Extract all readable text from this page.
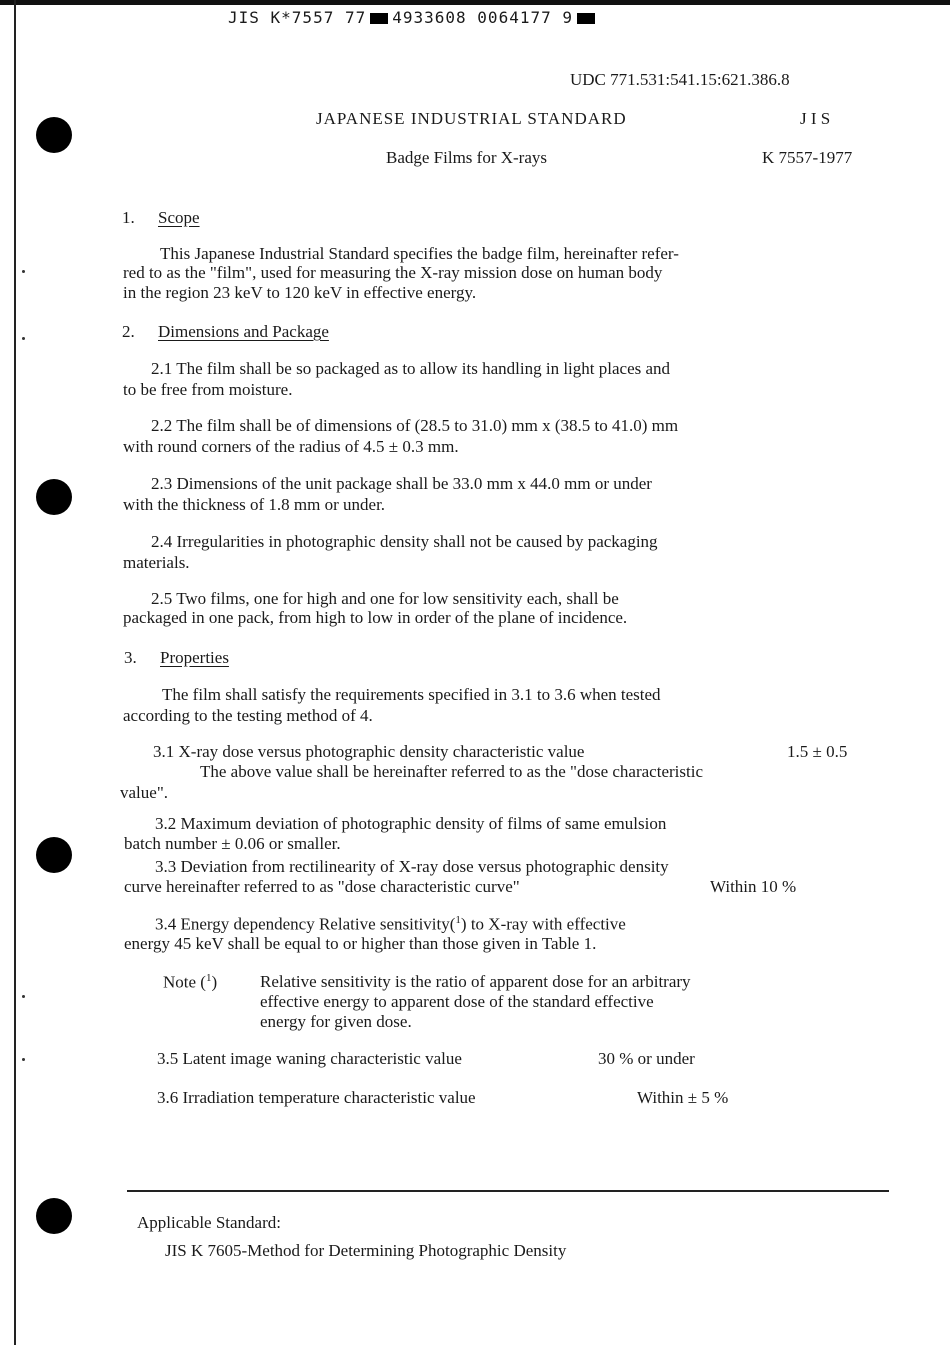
JIS K*7557 77 4933608 0064177 9
UDC 771.531:541.15:621.386.8
JAPANESE INDUSTRIAL STANDARD	J I S
Badge Films for X-rays	K 7557-1977
1. Scope
This Japanese Industrial Standard specifies the badge film, hereinafter refer-
red to as the "film", used for measuring the X-ray mission dose on human body
in the region 23 keV to 120 keV in effective energy.
2. Dimensions and Package
2.1 The film shall be so packaged as to allow its handling in light places and
to be free from moisture.
2.2 The film shall be of dimensions of (28.5 to 31.0) mm x (38.5 to 41.0) mm
with round corners of the radius of 4.5 ± 0.3 mm.
2.3 Dimensions of the unit package shall be 33.0 mm x 44.0 mm or under
with the thickness of 1.8 mm or under.
2.4 Irregularities in photographic density shall not be caused by packaging
materials.
2.5 Two films, one for high and one for low sensitivity each, shall be
packaged in one pack, from high to low in order of the plane of incidence.
3. Properties
The film shall satisfy the requirements specified in 3.1 to 3.6 when tested
according to the testing method of 4.
3.1 X-ray dose versus photographic density characteristic value	1.5 ± 0.5
The above value shall be hereinafter referred to as the "dose characteristic
value".
3.2 Maximum deviation of photographic density of films of same emulsion
batch number ± 0.06 or smaller.
3.3 Deviation from rectilinearity of X-ray dose versus photographic density
curve hereinafter referred to as "dose characteristic curve"	Within 10 %
3.4 Energy dependency Relative sensitivity($^1$) to X-ray with effective
energy 45 keV shall be equal to or higher than those given in Table 1.
Note ($^1$)	Relative sensitivity is the ratio of apparent dose for an arbitrary
effective energy to apparent dose of the standard effective
energy for given dose.
3.5 Latent image waning characteristic value	30 % or under
3.6 Irradiation temperature characteristic value	Within ± 5 %
Applicable Standard:
JIS K 7605-Method for Determining Photographic Density
